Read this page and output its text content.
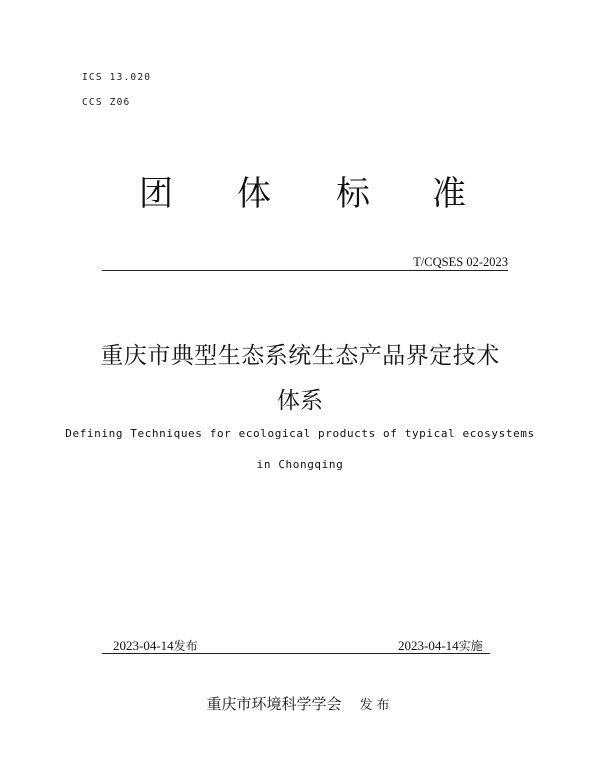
ICS 13.020
CCS Z06
团 体 标 准
T/CQSES 02-2023
重庆市典型生态系统生态产品界定技术
体系
Defining Techniques for ecological products of typical ecosystems
in Chongqing
2023-04-14发布	2023-04-14实施
重庆市环境科学学会 发布
